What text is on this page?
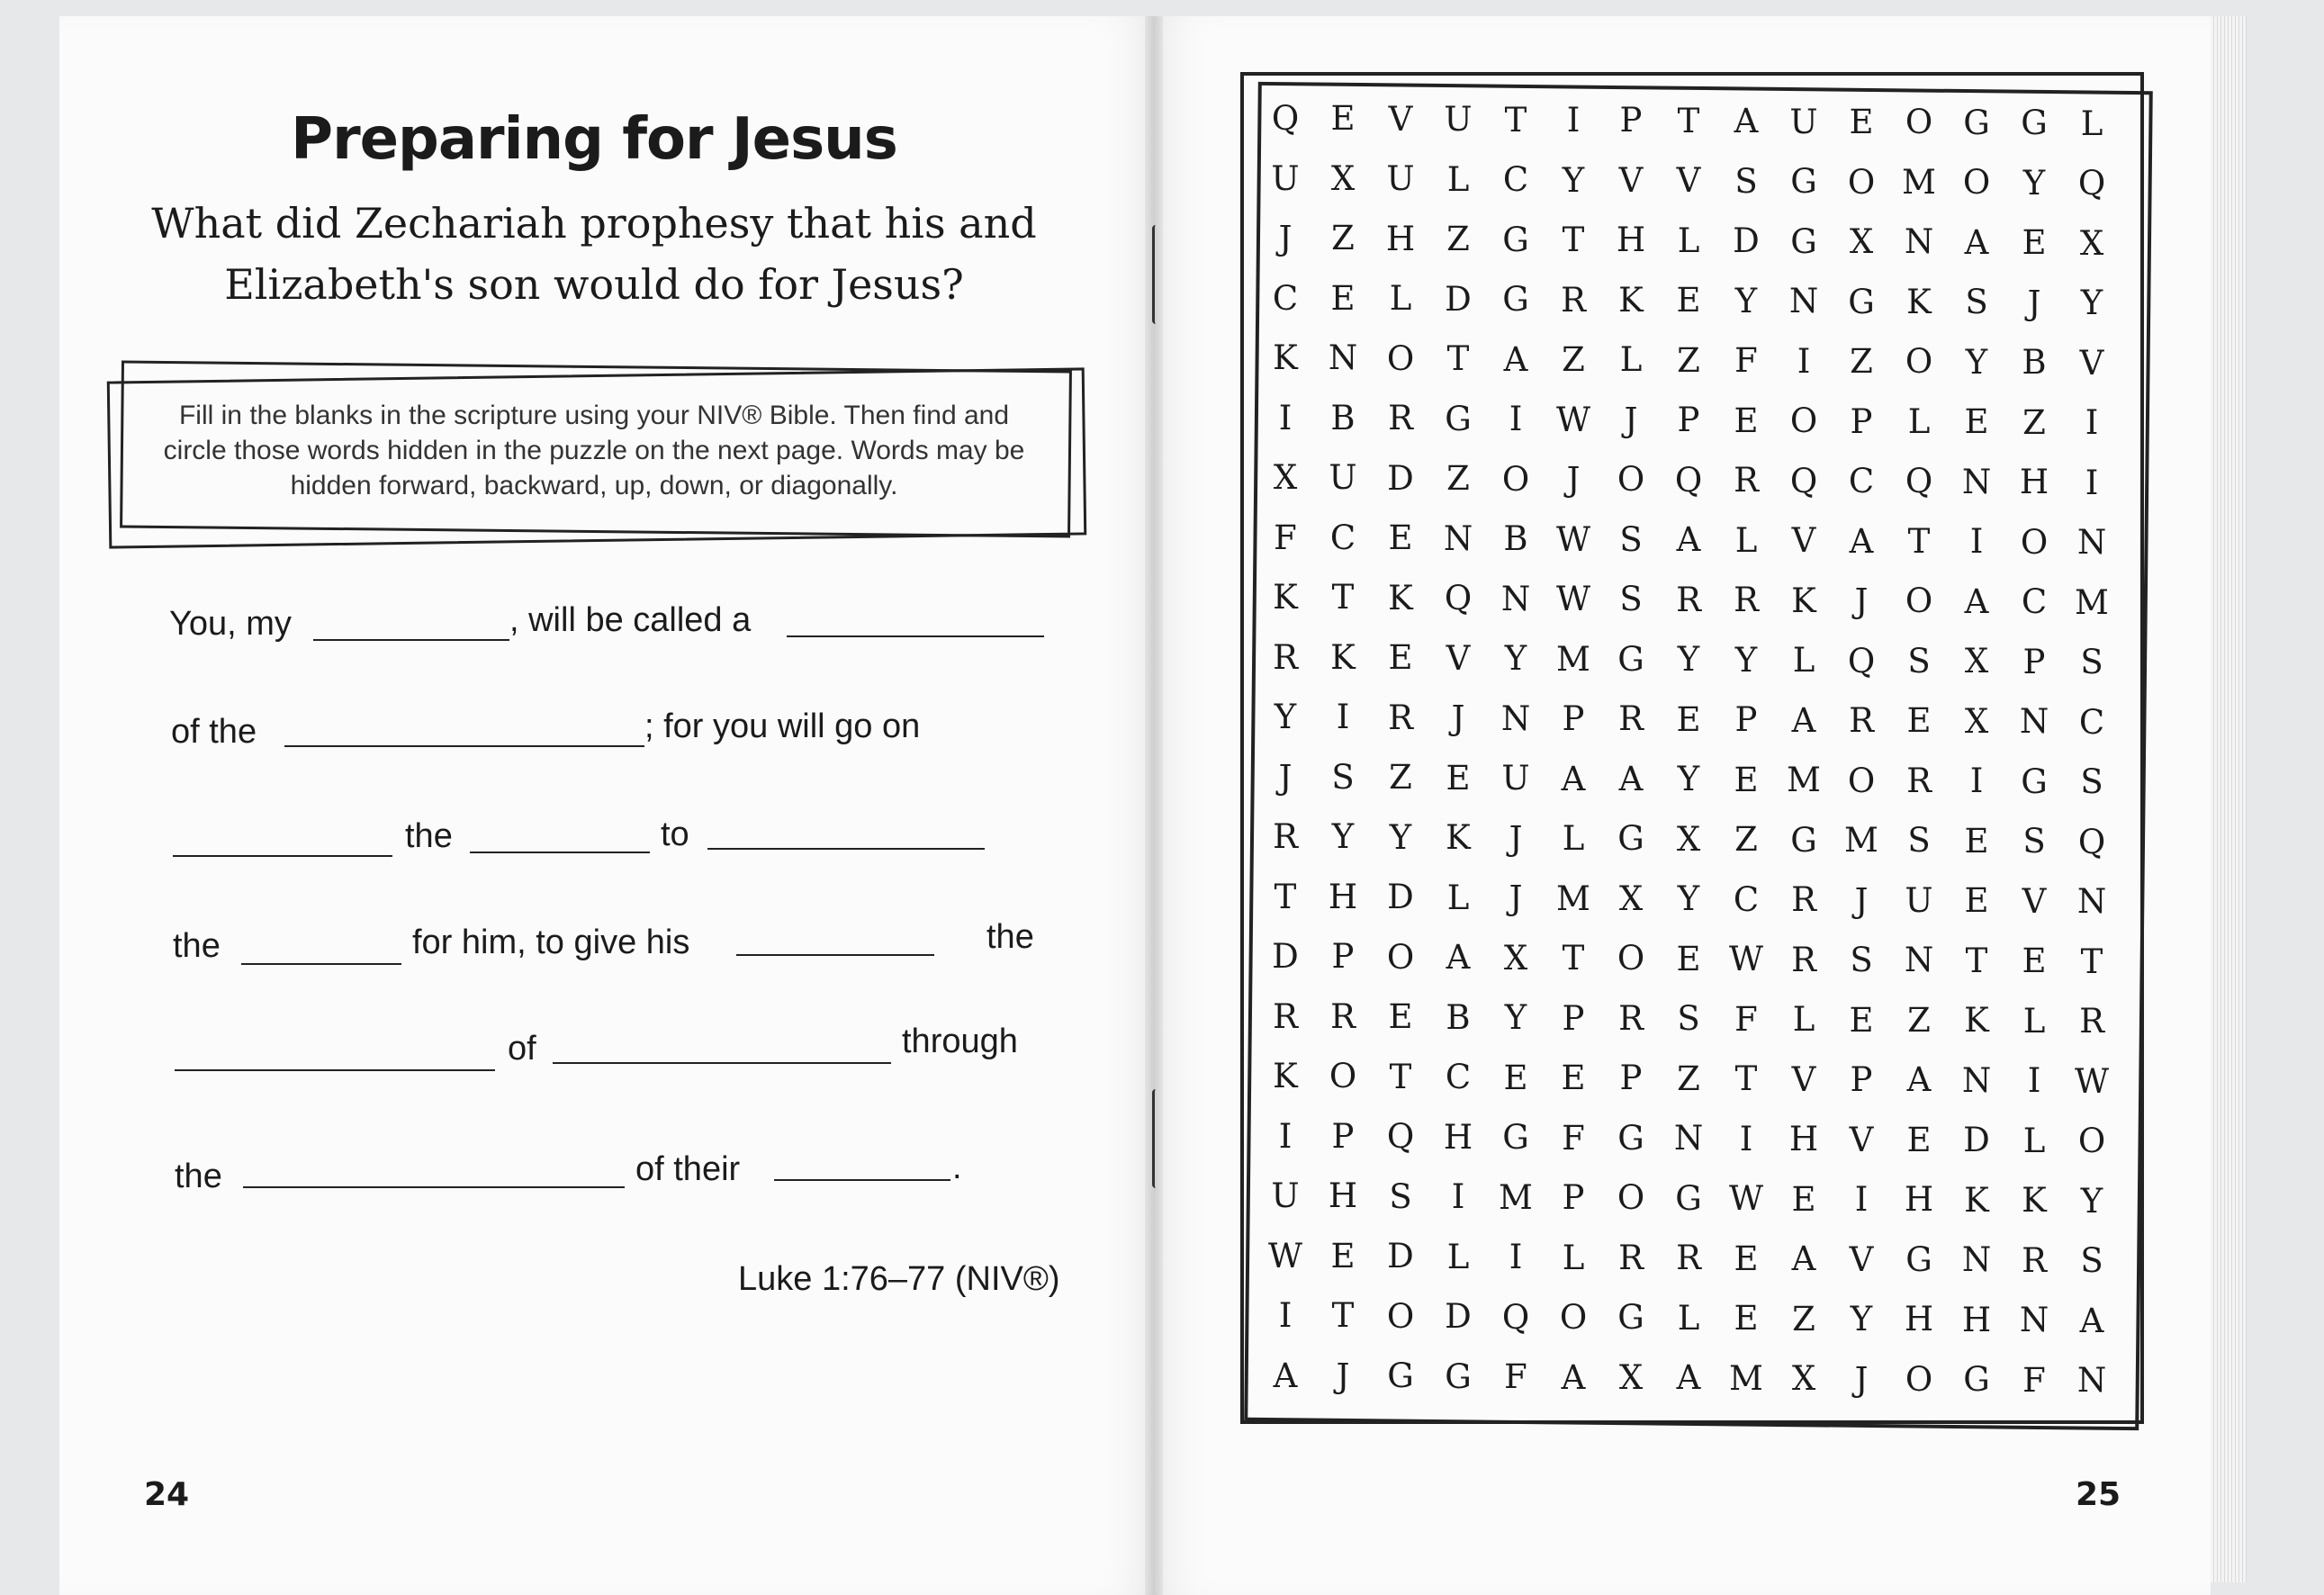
Preparing for Jesus
What did Zechariah prophesy that his and Elizabeth's son would do for Jesus?
Fill in the blanks in the scripture using your NIV® Bible. Then find and circle those words hidden in the puzzle on the next page. Words may be hidden forward, backward, up, down, or diagonally.
You, my	, will be called a
of the	; for you will go on
the	to
the	for him, to give his	the
of	through
the	of their	.
Luke 1:76–77 (NIV®)
24
Q E	V U T	I	P	T	A U E O G G L
U X U L	C	Y	V	V	S G O M O Y Q
J	Z H Z G T H L D G X N A	E	X
C E	L D G R K E	Y N G K	S	J	Y
K N O T	A	Z	L	Z	F	I	Z O Y	B	V
I	B R G	I	W	J	P	E O P	L	E	Z	I
X U D Z O	J	O Q R Q C Q N H	I
F	C E N B W S	A	L	V	A	T	I	O N
K	T	K Q N W S	R R K	J	O A C M
R K E	V	Y M G	Y	Y	L Q S	X	P	S
Y	I	R	J	N P	R E	P	A R E	X N C
J	S	Z	E U A	A	Y	E M O R	I	G S
R	Y	Y	K	J	L G X	Z G M S	E	S Q
T H D L	J	M X	Y	C R	J	U E	V N
D P O A	X	T O E W R	S N T	E	T
R R E B	Y	P	R	S	F	L	E	Z	K	L	R
K O T	C E E	P	Z	T	V	P	A N	I	W
I	P Q H G F G N	I	H V	E D L O
U H S	I	M P O G W E	I	H K K	Y
W E D L	I	L	R R E	A	V G N R	S
I	T O D Q O G L	E	Z	Y H H N A
A	J	G G F	A	X	A M X	J	O G F N
25
